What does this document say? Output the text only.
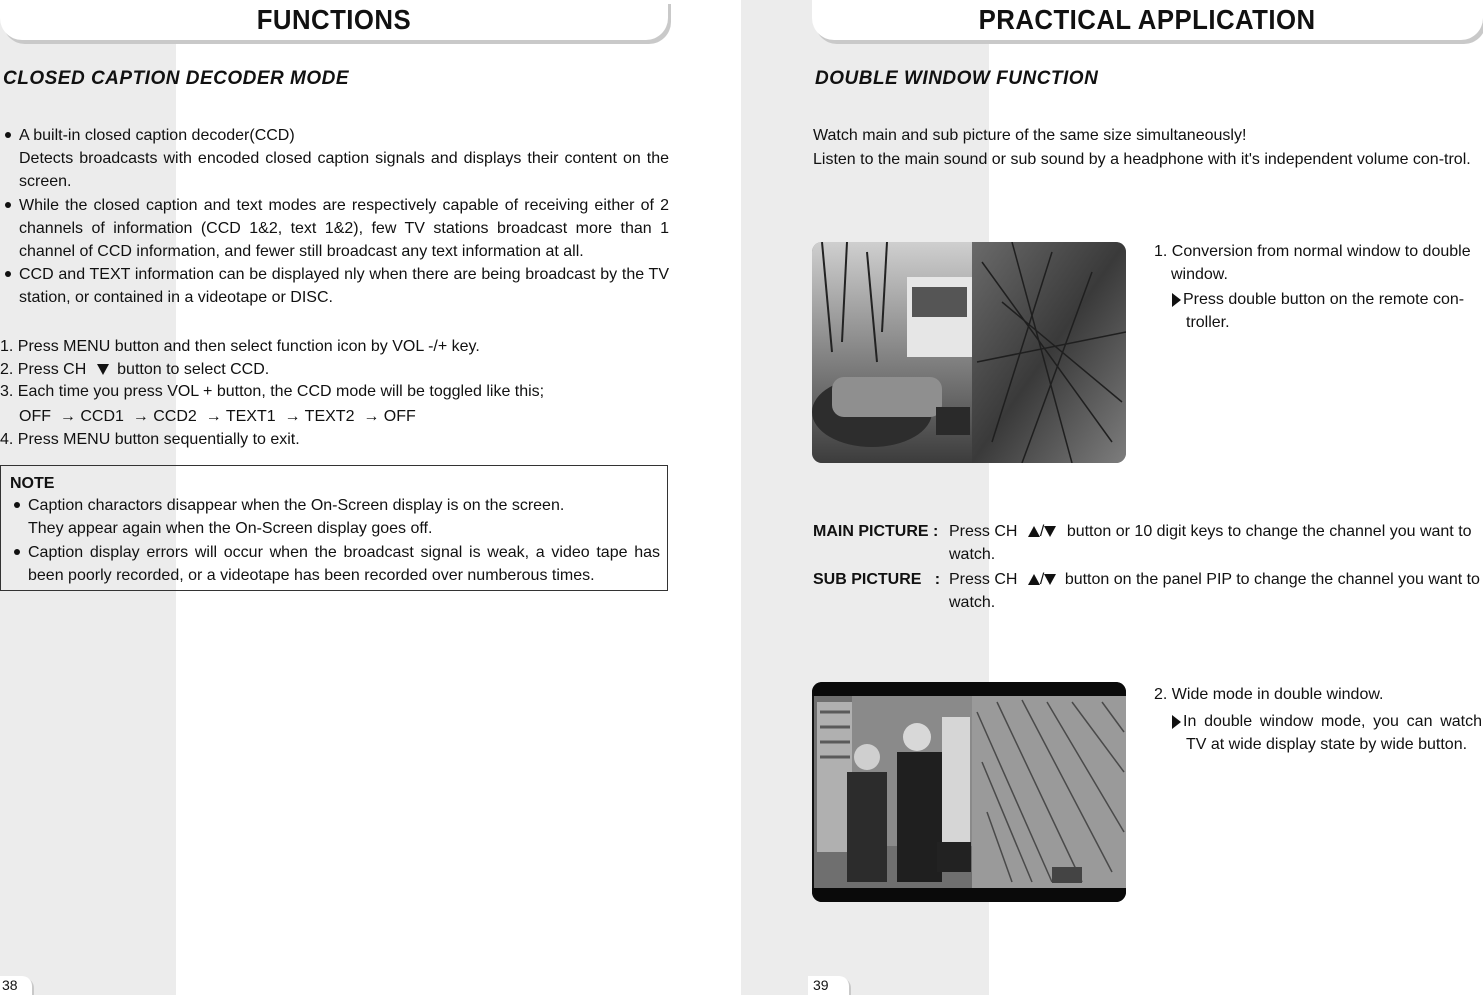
FUNCTIONS
CLOSED CAPTION DECODER MODE
A built-in closed caption decoder(CCD)
Detects broadcasts with encoded closed caption signals and displays their content on the screen.
While the closed caption and text modes are respectively capable of receiving either of 2 channels of information (CCD 1&2, text 1&2), few TV stations broadcast more than 1 channel of CCD information, and fewer still broadcast any text information at all.
CCD and TEXT information can be displayed nly when there are being broadcast by the TV station, or contained in a videotape or DISC.
1. Press MENU button and then select function icon by VOL -/+ key.
2. Press CH button to select CCD.
3. Each time you press VOL + button, the CCD mode will be toggled like this;
OFF  → CCD1  → CCD2  → TEXT1  → TEXT2  → OFF
4. Press MENU button sequentially to exit.
NOTE
Caption charactors disappear when the On-Screen display is on the screen.
They appear again when the On-Screen display goes off.
Caption display errors will occur when the broadcast signal is weak, a video tape has been poorly recorded, or a videotape has been recorded over numberous times.
38
PRACTICAL APPLICATION
DOUBLE WINDOW FUNCTION
Watch main and sub picture of the same size simultaneously!
Listen to the main sound or sub sound by a headphone with it's independent volume con-trol.
1. Conversion from normal window to double window.
Press double button on the remote con-troller.
MAIN PICTURE : Press CH / button or 10 digit keys to change the channel you want to watch.
SUB PICTURE   : Press CH / button on the panel PIP to change the channel you want to watch.
2. Wide mode in double window.
In double window mode, you can watch TV at wide display state by wide button.
39
